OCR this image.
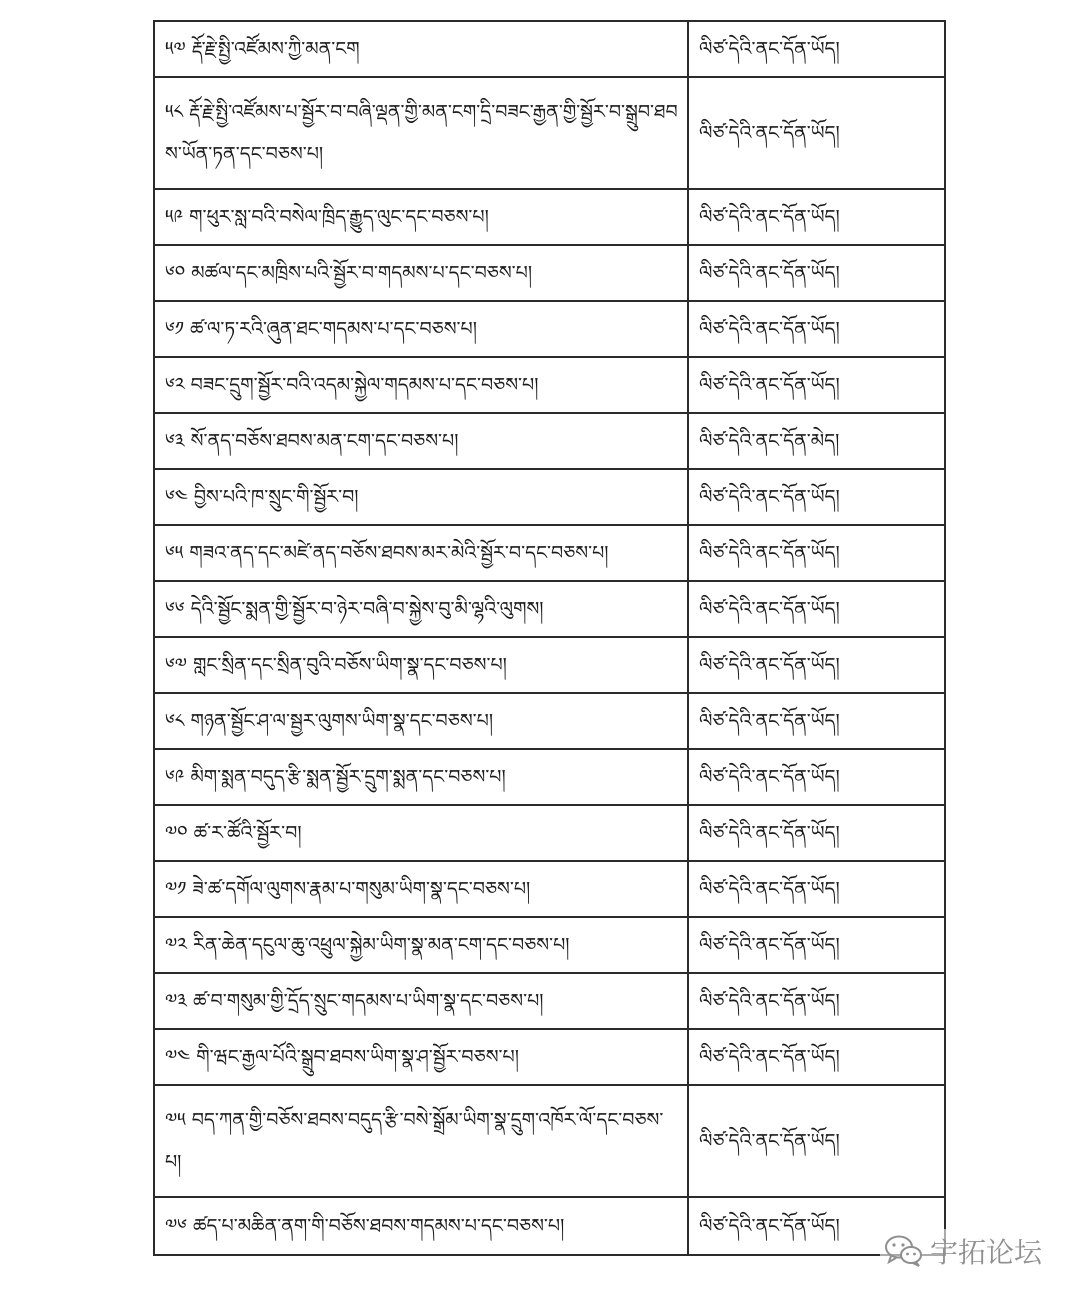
༥༧ རྡོ་རྗེ་སྤྱི་འཛོམས་ཀྱི་མན་ངག	ལིཙ་དེའི་ནང་དོན་ཡོད།
༥༨ རྡོ་རྗེ་སྤྱི་འཛོམས་པ་སྦྱོར་བ་བཞི་ལྡན་གྱི་མན་ངག་དྲི་བཟང་རྒྱན་གྱི་སྦྱོར་བ་སྒྲུབ་ཐབས་ཡོན་ཏན་དང་བཅས་པ།	ལིཙ་དེའི་ནང་དོན་ཡོད།
༥༩ ག་ཕུར་སླ་བའི་བསེལ་ཁྲིད་རྒྱུད་ལུང་དང་བཅས་པ།	ལིཙ་དེའི་ནང་དོན་ཡོད།
༦༠ མཚལ་དང་མཁྲིས་པའི་སྦྱོར་བ་གདམས་པ་དང་བཅས་པ།	ལིཙ་དེའི་ནང་དོན་ཡོད།
༦༡ ཚ་ལ་ཏ་རའི་ཞུན་ཐང་གདམས་པ་དང་བཅས་པ།	ལིཙ་དེའི་ནང་དོན་ཡོད།
༦༢ བཟང་དྲུག་སྦྱོར་བའི་འདམ་སྐྱེལ་གདམས་པ་དང་བཅས་པ།	ལིཙ་དེའི་ནང་དོན་ཡོད།
༦༣ སོ་ནད་བཅོས་ཐབས་མན་ངག་དང་བཅས་པ།	ལིཙ་དེའི་ནང་དོན་མེད།
༦༤ བྱིས་པའི་ཁ་སྲུང་གི་སྦྱོར་བ།	ལིཙ་དེའི་ནང་དོན་ཡོད།
༦༥ གཟའ་ནད་དང་མཛེ་ནད་བཅོས་ཐབས་མར་མེའི་སྦྱོར་བ་དང་བཅས་པ།	ལིཙ་དེའི་ནང་དོན་ཡོད།
༦༦ དེའི་སྦྱོང་སྨན་གྱི་སྦྱོར་བ་ཉེར་བཞི་བ་སྐྱེས་བུ་མི་ལྷའི་ལུགས།	ལིཙ་དེའི་ནང་དོན་ཡོད།
༦༧ གླང་སྲིན་དང་སྲིན་བུའི་བཅོས་ཡིག་སྣ་དང་བཅས་པ།	ལིཙ་དེའི་ནང་དོན་ཡོད།
༦༨ གཉན་སྦྱོང་ཤ་ལ་སྦྱར་ལུགས་ཡིག་སྣ་དང་བཅས་པ།	ལིཙ་དེའི་ནང་དོན་ཡོད།
༦༩ མིག་སྨན་བདུད་རྩི་སྨན་སྦྱོར་དྲུག་སྨན་དང་བཅས་པ།	ལིཙ་དེའི་ནང་དོན་ཡོད།
༧༠ ཚ་ར་ཚོའི་སྦྱོར་བ།	ལིཙ་དེའི་ནང་དོན་ཡོད།
༧༡ ཟེ་ཚ་དགོལ་ལུགས་རྣམ་པ་གསུམ་ཡིག་སྣ་དང་བཅས་པ།	ལིཙ་དེའི་ནང་དོན་ཡོད།
༧༢ རིན་ཆེན་དངུལ་ཆུ་འཕྲུལ་སྐྱེམ་ཡིག་སྣ་མན་ངག་དང་བཅས་པ།	ལིཙ་དེའི་ནང་དོན་ཡོད།
༧༣ ཚ་བ་གསུམ་གྱི་དྲོད་སྲུང་གདམས་པ་ཡིག་སྣ་དང་བཅས་པ།	ལིཙ་དེའི་ནང་དོན་ཡོད།
༧༤ གི་ཝང་རྒྱལ་པོའི་སྒྲུབ་ཐབས་ཡིག་སྣ་ཤ་སྦྱོར་བཅས་པ།	ལིཙ་དེའི་ནང་དོན་ཡོད།
༧༥ བད་ཀན་གྱི་བཅོས་ཐབས་བདུད་རྩི་བསེ་སྒྲོམ་ཡིག་སྣ་དྲུག་འཁོར་ལོ་དང་བཅས་པ།	ལིཙ་དེའི་ནང་དོན་ཡོད།
༧༦ ཚད་པ་མཆིན་ནག་གི་བཅོས་ཐབས་གདམས་པ་དང་བཅས་པ།	ལིཙ་དེའི་ནང་དོན་ཡོད།
宇拓论坛
